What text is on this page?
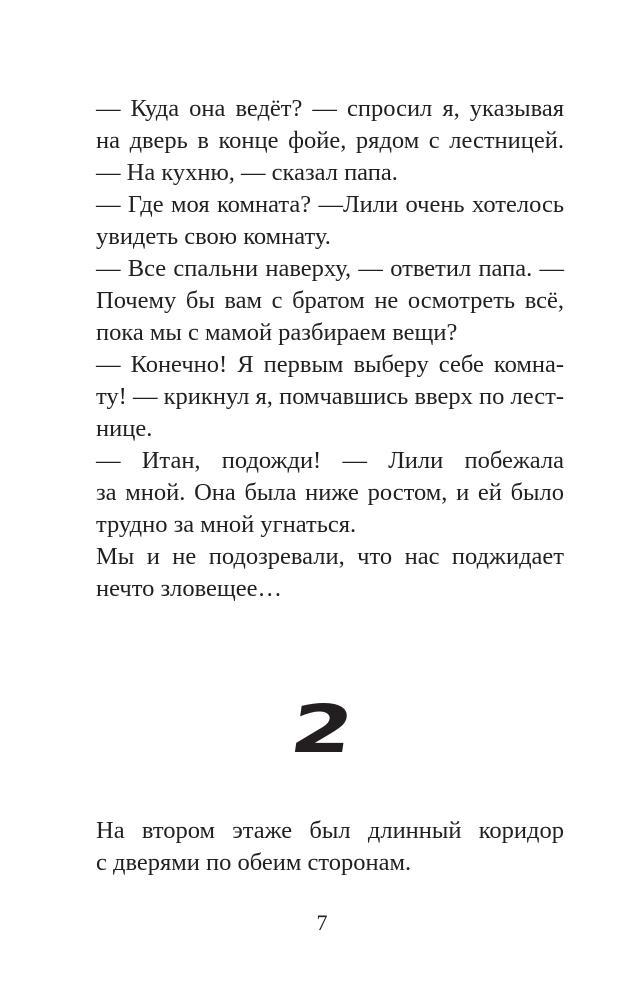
— Куда она ведёт? — спросил я, указывая
на дверь в конце фойе, рядом с лестницей.
— На кухню, — сказал папа.
— Где моя комната? —Лили очень хотелось
увидеть свою комнату.
— Все спальни наверху, — ответил папа. —
Почему бы вам с братом не осмотреть всё,
пока мы с мамой разбираем вещи?
— Конечно! Я первым выберу себе комна-
ту! — крикнул я, помчавшись вверх по лест-
нице.
— Итан, подожди! — Лили побежала
за мной. Она была ниже ростом, и ей было
трудно за мной угнаться.
Мы и не подозревали, что нас поджидает
нечто зловещее…
2
На втором этаже был длинный коридор
с дверями по обеим сторонам.
7
